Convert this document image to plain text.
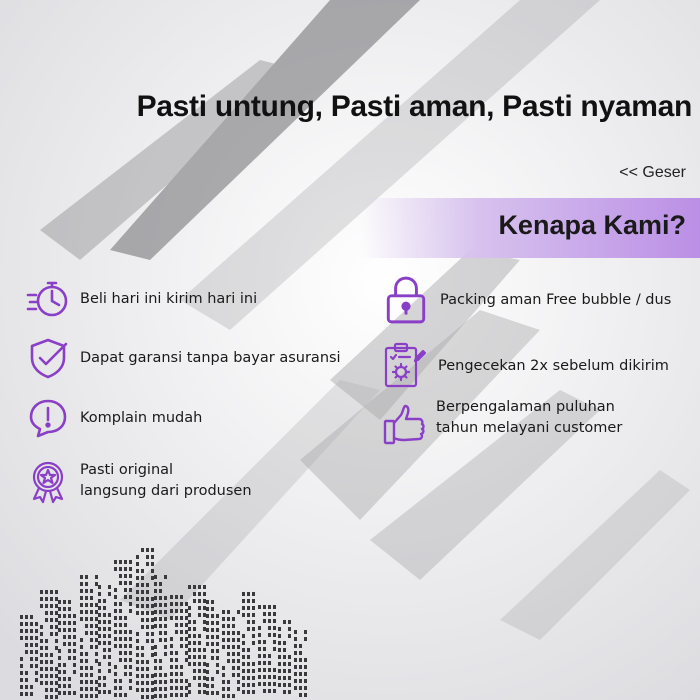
Pasti untung, Pasti aman, Pasti nyaman
<< Geser
Kenapa Kami?
Beli hari ini kirim hari ini
Dapat garansi tanpa bayar asuransi
Komplain mudah
Pasti original
langsung dari produsen
Packing aman Free bubble / dus
Pengecekan 2x sebelum dikirim
Berpengalaman puluhan
tahun melayani customer
